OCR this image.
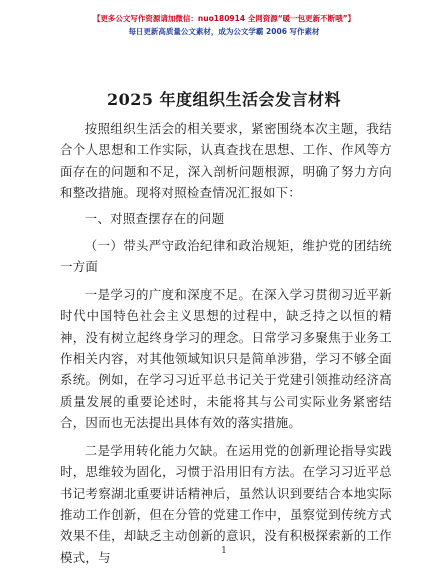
【更多公文写作资源请加微信：nuo180914 全网资源“暖一包更新不断哦”】
每日更新高质量公文素材，成为公文学霸 2006 写作素材
2025 年度组织生活会发言材料

按照组织生活会的相关要求，紧密围绕本次主题，我结合个人思想和工作实际，认真查找在思想、工作、作风等方面存在的问题和不足，深入剖析问题根源，明确了努力方向和整改措施。现将对照检查情况汇报如下：

一、对照查摆存在的问题

（一）带头严守政治纪律和政治规矩，维护党的团结统一方面

一是学习的广度和深度不足。在深入学习贯彻习近平新时代中国特色社会主义思想的过程中，缺乏持之以恒的精神，没有树立起终身学习的理念。日常学习多聚焦于业务工作相关内容，对其他领域知识只是简单涉猎，学习不够全面系统。例如，在学习习近平总书记关于党建引领推动经济高质量发展的重要论述时，未能将其与公司实际业务紧密结合，因而也无法提出具体有效的落实措施。

二是学用转化能力欠缺。在运用党的创新理论指导实践时，思维较为固化，习惯于沿用旧有方法。在学习习近平总书记考察湖北重要讲话精神后，虽然认识到要结合本地实际推动工作创新，但在分管的党建工作中，虽察觉到传统方式效果不佳，却缺乏主动创新的意识，没有积极探索新的工作模式，与	1
